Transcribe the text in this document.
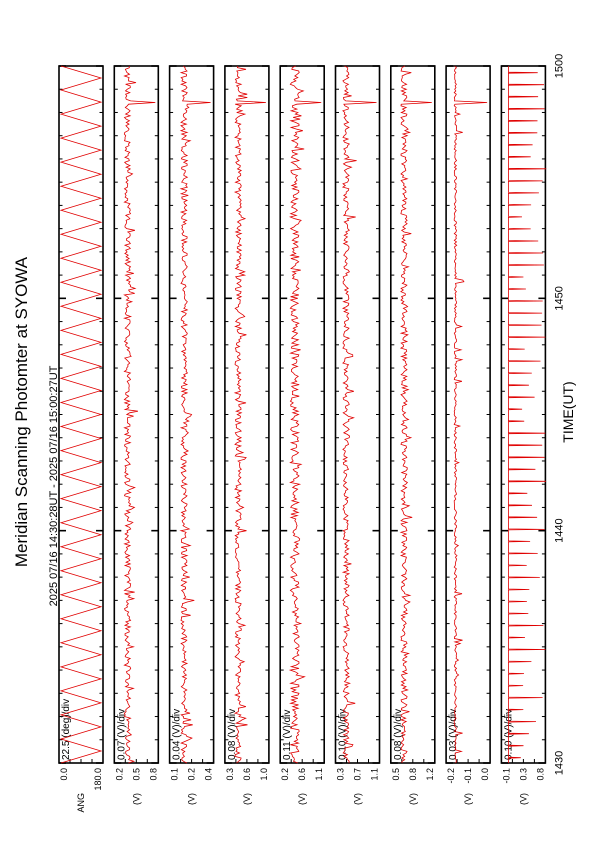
Meridian Scanning Photomter at SYOWA 2025 07/16 14:30:28UT - 2025 07/16 15:00:27UT	TIME(UT)
0.0	180.0
ANG
22.5 (deg)/div
0.2 0.5 0.8
(V)
0.07 (V)/div
0.1 0.2 0.4
(V)
0.04 (V)/div
0.3 0.6 1.0
(V)
0.08 (V)/div
0.2 0.6 1.1
(V)
0.11 (V)/div
0.3 0.7 1.1
(V)
0.10 (V)/div
0.5 0.8 1.2
(V)
0.08 (V)/div
-0.2 -0.1 0.0
(V)
0.03 (V)/div
-0.1 0.3 0.8
(V)
0.10 (V)/div
1430
1440
1450
1500
